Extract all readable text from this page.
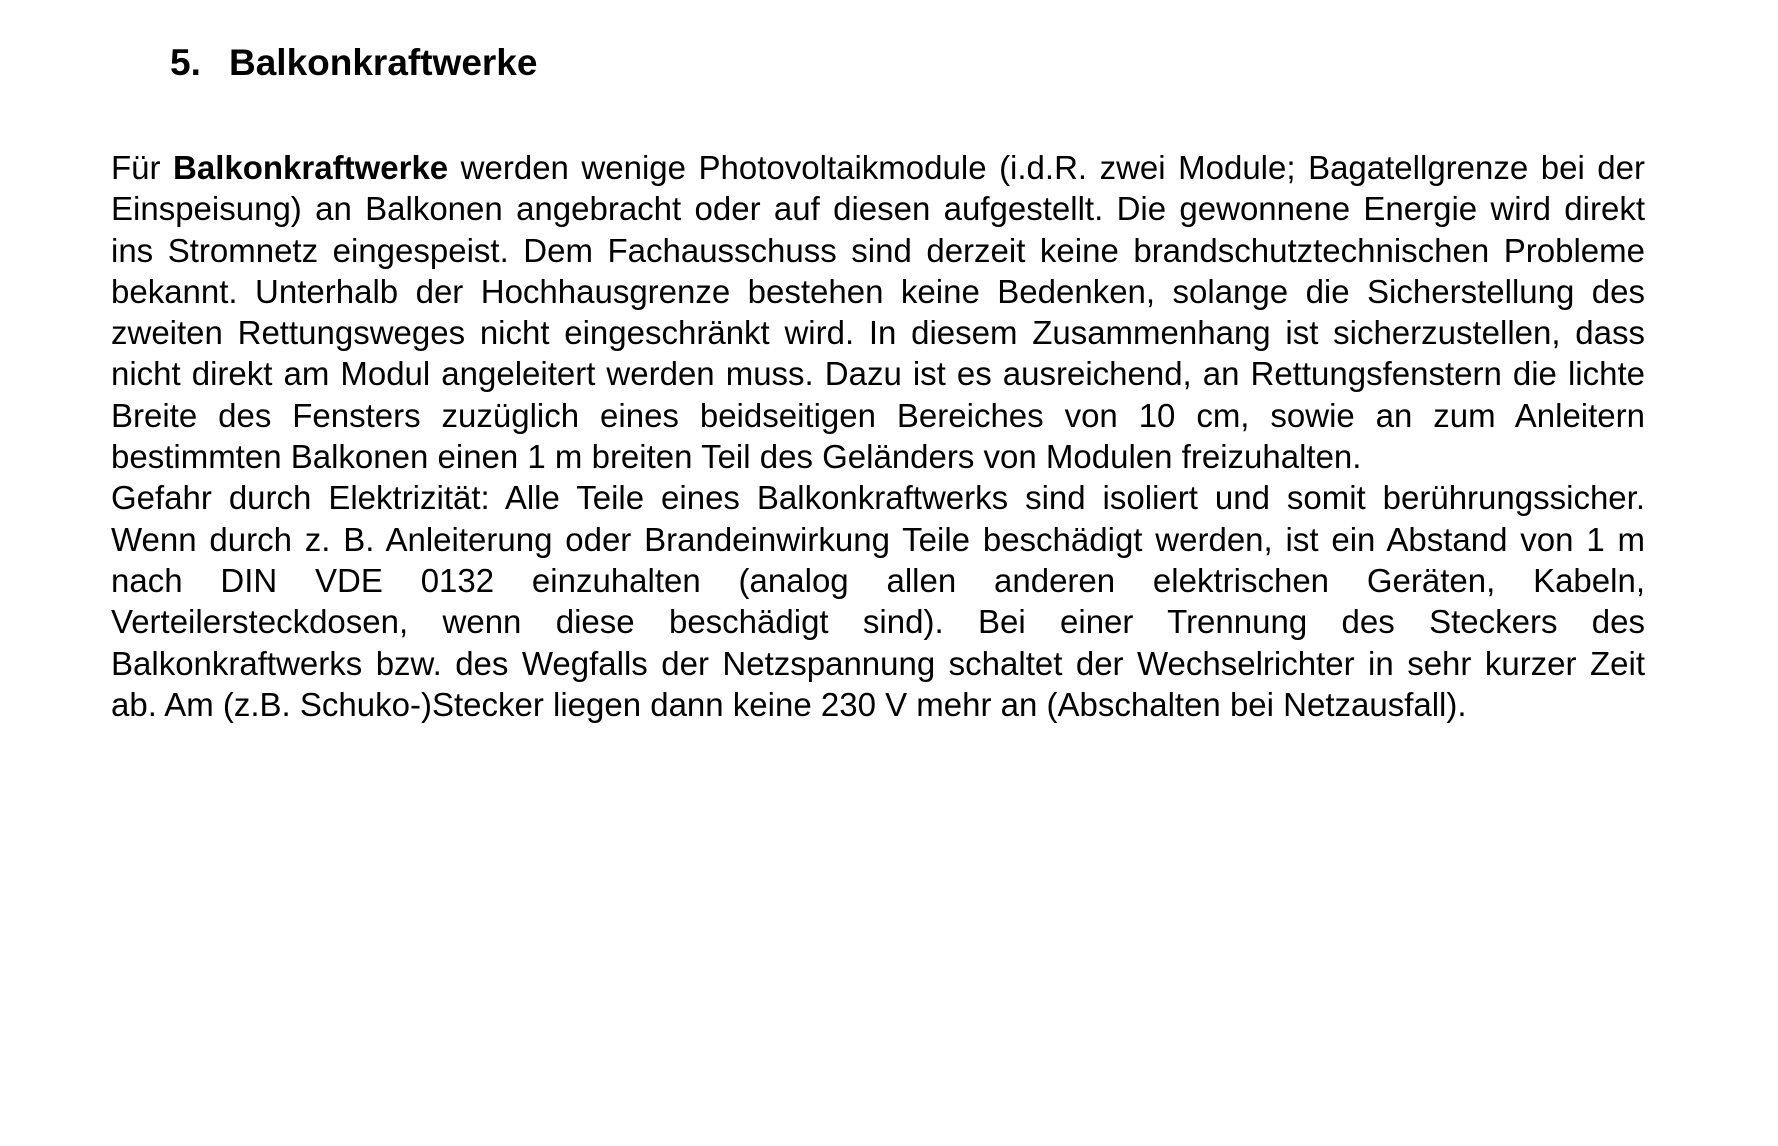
5. Balkonkraftwerke

Für Balkonkraftwerke werden wenige Photovoltaikmodule (i.d.R. zwei Module; Bagatellgrenze bei der Einspeisung) an Balkonen angebracht oder auf diesen aufgestellt. Die gewonnene Energie wird direkt ins Stromnetz eingespeist. Dem Fachausschuss sind derzeit keine brandschutztechnischen Probleme bekannt. Unterhalb der Hochhausgrenze bestehen keine Bedenken, solange die Sicherstellung des zweiten Rettungsweges nicht eingeschränkt wird. In diesem Zusammenhang ist sicherzustellen, dass nicht direkt am Modul angeleitert werden muss. Dazu ist es ausreichend, an Rettungsfenstern die lichte Breite des Fensters zuzüglich eines beidseitigen Bereiches von 10 cm, sowie an zum Anleitern bestimmten Balkonen einen 1 m breiten Teil des Geländers von Modulen freizuhalten.

Gefahr durch Elektrizität: Alle Teile eines Balkonkraftwerks sind isoliert und somit berührungssicher. Wenn durch z. B. Anleiterung oder Brandeinwirkung Teile beschädigt werden, ist ein Abstand von 1 m nach DIN VDE 0132 einzuhalten (analog allen anderen elektrischen Geräten, Kabeln, Verteilersteckdosen, wenn diese beschädigt sind). Bei einer Trennung des Steckers des Balkonkraftwerks bzw. des Wegfalls der Netzspannung schaltet der Wechselrichter in sehr kurzer Zeit ab. Am (z.B. Schuko-)Stecker liegen dann keine 230 V mehr an (Abschalten bei Netzausfall).
